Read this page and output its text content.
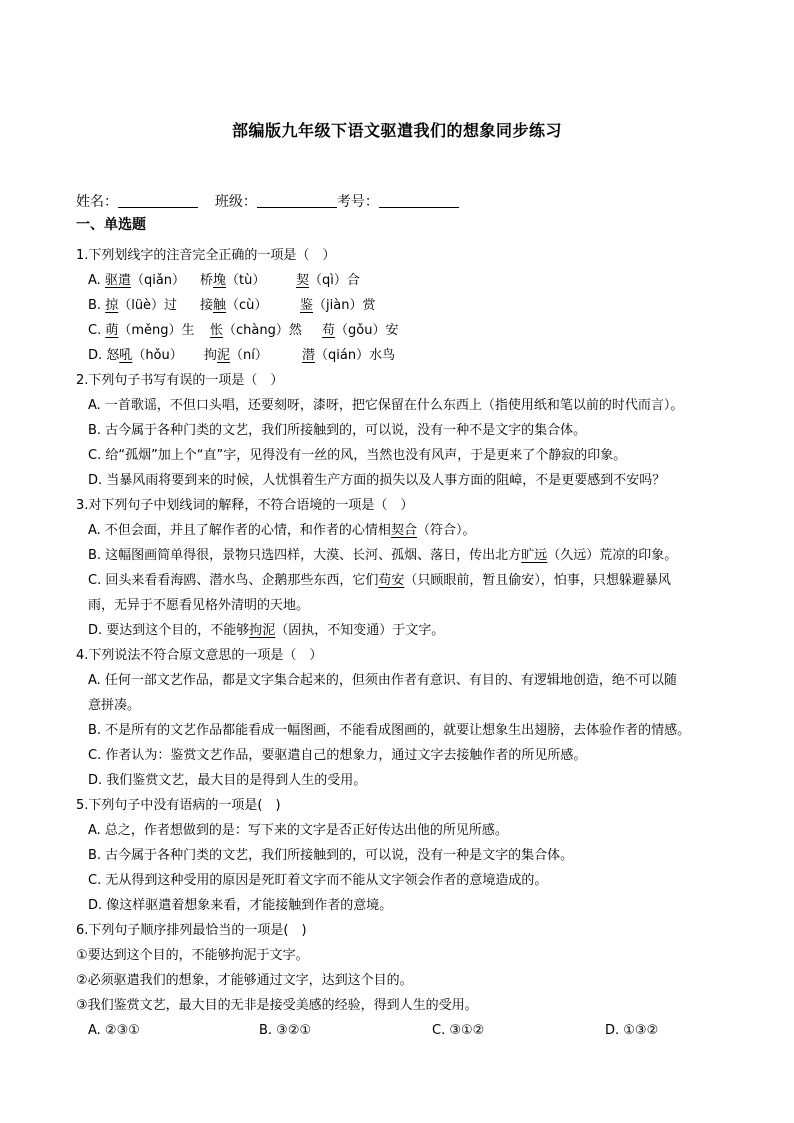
部编版九年级下语文驱遣我们的想象同步练习
姓名：	班级：	考号：
一、单选题
1.下列划线字的注音完全正确的一项是（　）
A. 驱遣（qiǎn） 桥堍（tù） 契（qì）合
B. 掠（lüè）过 接触（cù）	鉴（jiàn）赏
C. 萌（měng）生 怅（chàng）然 苟（gǒu）安
D. 怒吼（hǒu） 拘泥（ní）	潜（qián）水鸟
2.下列句子书写有误的一项是（　）
A. 一首歌谣，不但口头唱，还要刻呀，漆呀，把它保留在什么东西上（指使用纸和笔以前的时代而言）。
B. 古今属于各种门类的文艺，我们所接触到的，可以说，没有一种不是文字的集合体。
C. 给“孤烟”加上个“直”字，见得没有一丝的风，当然也没有风声，于是更来了个静寂的印象。
D. 当暴风雨将要到来的时候，人忧惧着生产方面的损失以及人事方面的阻嶂，不是更要感到不安吗？
3.对下列句子中划线词的解释，不符合语境的一项是（　）
A. 不但会面，并且了解作者的心情，和作者的心情相契合（符合）。
B. 这幅图画简单得很，景物只选四样，大漠、长河、孤烟、落日，传出北方旷远（久远）荒凉的印象。
C. 回头来看看海鸥、潜水鸟、企鹅那些东西，它们苟安（只顾眼前，暂且偷安），怕事，只想躲避暴风
雨，无异于不愿看见格外清明的天地。
D. 要达到这个目的，不能够拘泥（固执，不知变通）于文字。
4.下列说法不符合原文意思的一项是（　）
A. 任何一部文艺作品，都是文字集合起来的，但须由作者有意识、有目的、有逻辑地创造，绝不可以随
意拼凑。
B. 不是所有的文艺作品都能看成一幅图画，不能看成图画的，就要让想象生出翅膀，去体验作者的情感。
C. 作者认为：鉴赏文艺作品，要驱遣自己的想象力，通过文字去接触作者的所见所感。
D. 我们鉴赏文艺，最大目的是得到人生的受用。
5.下列句子中没有语病的一项是(　)
A. 总之，作者想做到的是：写下来的文字是否正好传达出他的所见所感。
B. 古今属于各种门类的文艺，我们所接触到的，可以说，没有一种是文字的集合体。
C. 无从得到这种受用的原因是死盯着文字而不能从文字领会作者的意境造成的。
D. 像这样驱遣着想象来看，才能接触到作者的意境。
6.下列句子顺序排列最恰当的一项是(　)
①要达到这个目的，不能够拘泥于文字。
②必须驱遣我们的想象，才能够通过文字，达到这个目的。
③我们鉴赏文艺，最大目的无非是接受美感的经验，得到人生的受用。
A. ②③①	B. ③②①	C. ③①②	D. ①③②
